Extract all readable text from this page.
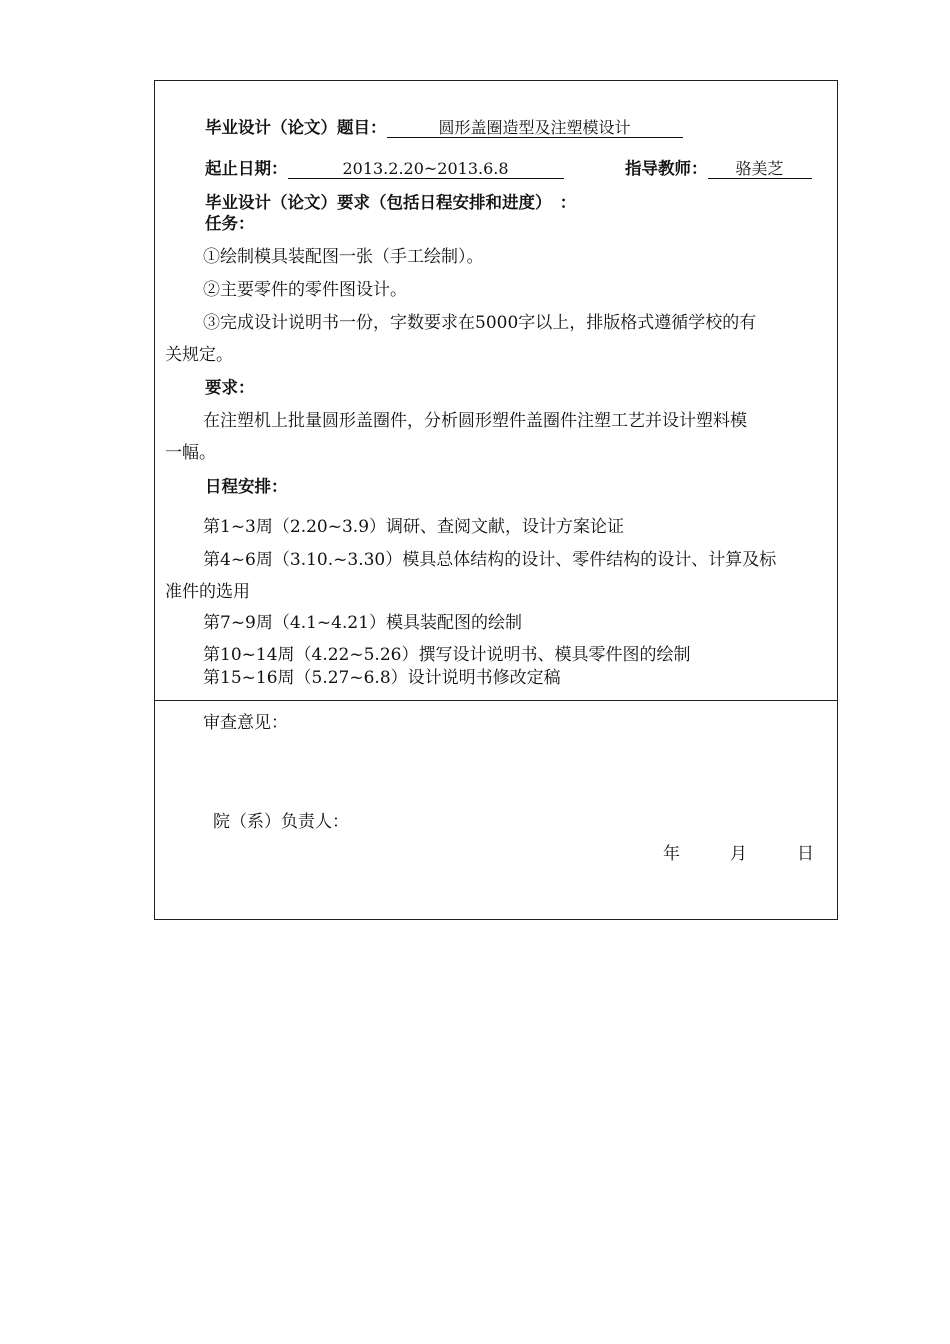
毕业设计（论文）题目：	圆形盖圈造型及注塑模设计
起止日期：	2013.2.20~2013.6.8	指导教师： 骆美芝
毕业设计（论文）要求（包括日程安排和进度）　：
任务：
①绘制模具装配图一张（手工绘制）。
②主要零件的零件图设计。
③完成设计说明书一份，字数要求在5000字以上，排版格式遵循学校的有
关规定。
要求：
在注塑机上批量圆形盖圈件，分析圆形塑件盖圈件注塑工艺并设计塑料模
一幅。
日程安排：
第1~3周（2.20~3.9）调研、查阅文献，设计方案论证
第4~6周（3.10.~3.30）模具总体结构的设计、零件结构的设计、计算及标
准件的选用
第7~9周（4.1~4.21）模具装配图的绘制
第10~14周（4.22~5.26）撰写设计说明书、模具零件图的绘制
第15~16周（5.27~6.8）设计说明书修改定稿
审查意见：
院（系）负责人：
年	月	日
